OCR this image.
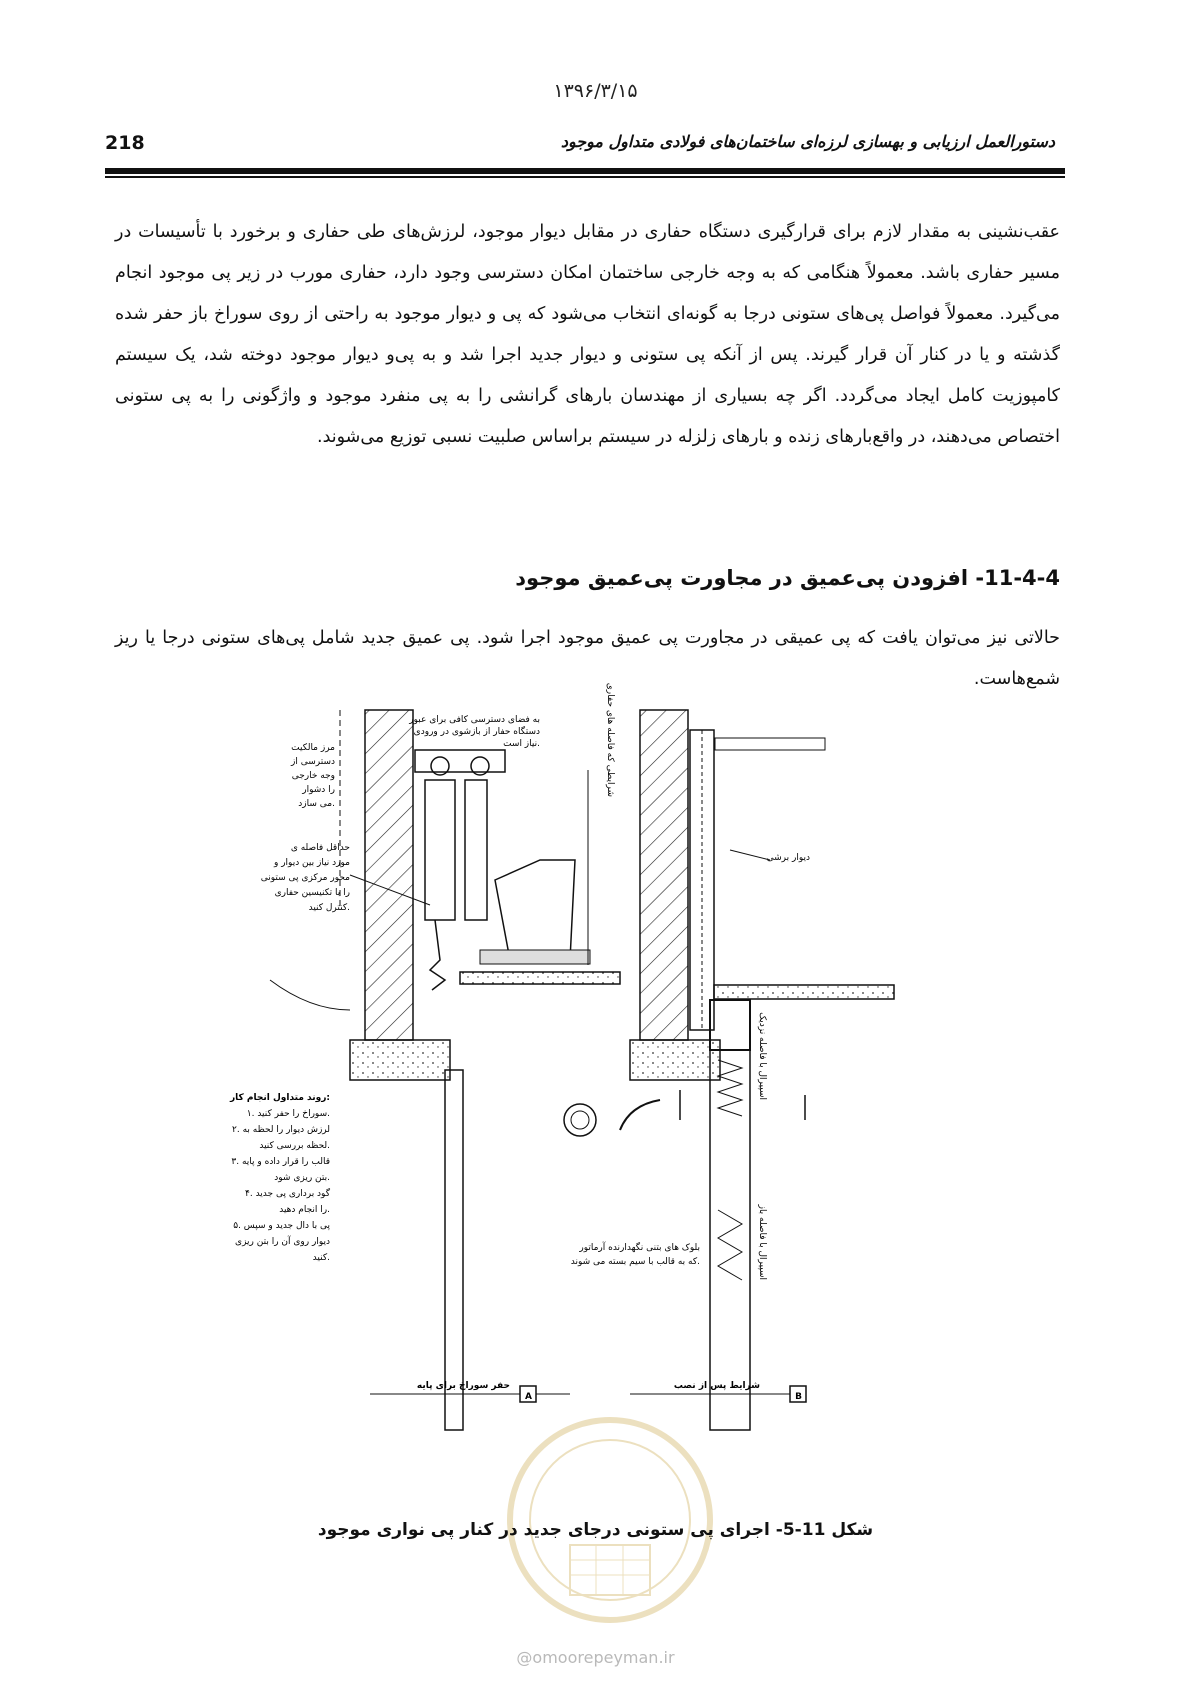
۱۳۹۶/۳/۱۵
218	دستورالعمل ارزیابی و بهسازی لرزه‌ای ساختمان‌های فولادی متداول موجود

عقب‌نشینی به مقدار لازم برای قرارگیری دستگاه حفاری در مقابل دیوار موجود، لرزش‌های طی حفاری و برخورد با تأسیسات در مسیر حفاری باشد. معمولاً هنگامی که به وجه خارجی ساختمان امکان دسترسی وجود دارد، حفاری مورب در زیر پی موجود انجام می‌گیرد. معمولاً فواصل پی‌های ستونی درجا به گونه‌ای انتخاب می‌شود که پی و دیوار موجود به راحتی از روی سوراخ باز حفر شده گذشته و یا در کنار آن قرار گیرند. پس از آنکه پی ستونی و دیوار جدید اجرا شد و به پی‌و دیوار موجود دوخته شد، یک سیستم کامپوزیت کامل ایجاد می‌گردد. اگر چه بسیاری از مهندسان بارهای گرانشی را به پی منفرد موجود و واژگونی را به پی ستونی اختصاص می‌دهند، در واقع‌بارهای زنده و بارهای زلزله در سیستم براساس صلبیت نسبی توزیع می‌شوند.

11-4-4- افزودن پی‌عمیق در مجاورت پی‌عمیق موجود

حالاتی نیز می‌توان یافت که پی عمیقی در مجاورت پی عمیق موجود اجرا شود. پی عمیق جدید شامل پی‌های ستونی درجا یا ریز شمع‌هاست.

به فضای دسترسی کافی برای عبور
دستگاه حفار از بازشوی در ورودی
نیاز است.
مرز مالکیت
دسترسی از
وجه خارجی
را دشوار
می سازد.
حداقل فاصله ی
مورد نیاز بین دیوار و
محور مرکزی پی ستونی
را با تکنیسین حفاری
کنترل کنید.
شرایطی که فاصله های حفاری
روند متداول انجام کار:
۱. سوراخ را حفر کنید.
۲. لرزش دیوار را لحظه به
لحظه بررسی کنید.
۳. قالب را قرار داده و پایه
بتن ریزی شود.
۴. گود برداری پی جدید
را انجام دهید.
۵. پی با دال جدید و سپس
دیوار روی آن را بتن ریزی
کنید.
حفر سوراخ برای پایه
A
دیوار برشی
بلوک های بتنی نگهدارنده آرماتور
که به قالب با سیم بسته می شوند.
اسپیرال با فاصله نزدیک
اسپیرال با فاصله باز
شرایط پس از نصب
B

شکل 11-5- اجرای پی ستونی درجای جدید در کنار پی نواری موجود

@omoorepeyman.ir
